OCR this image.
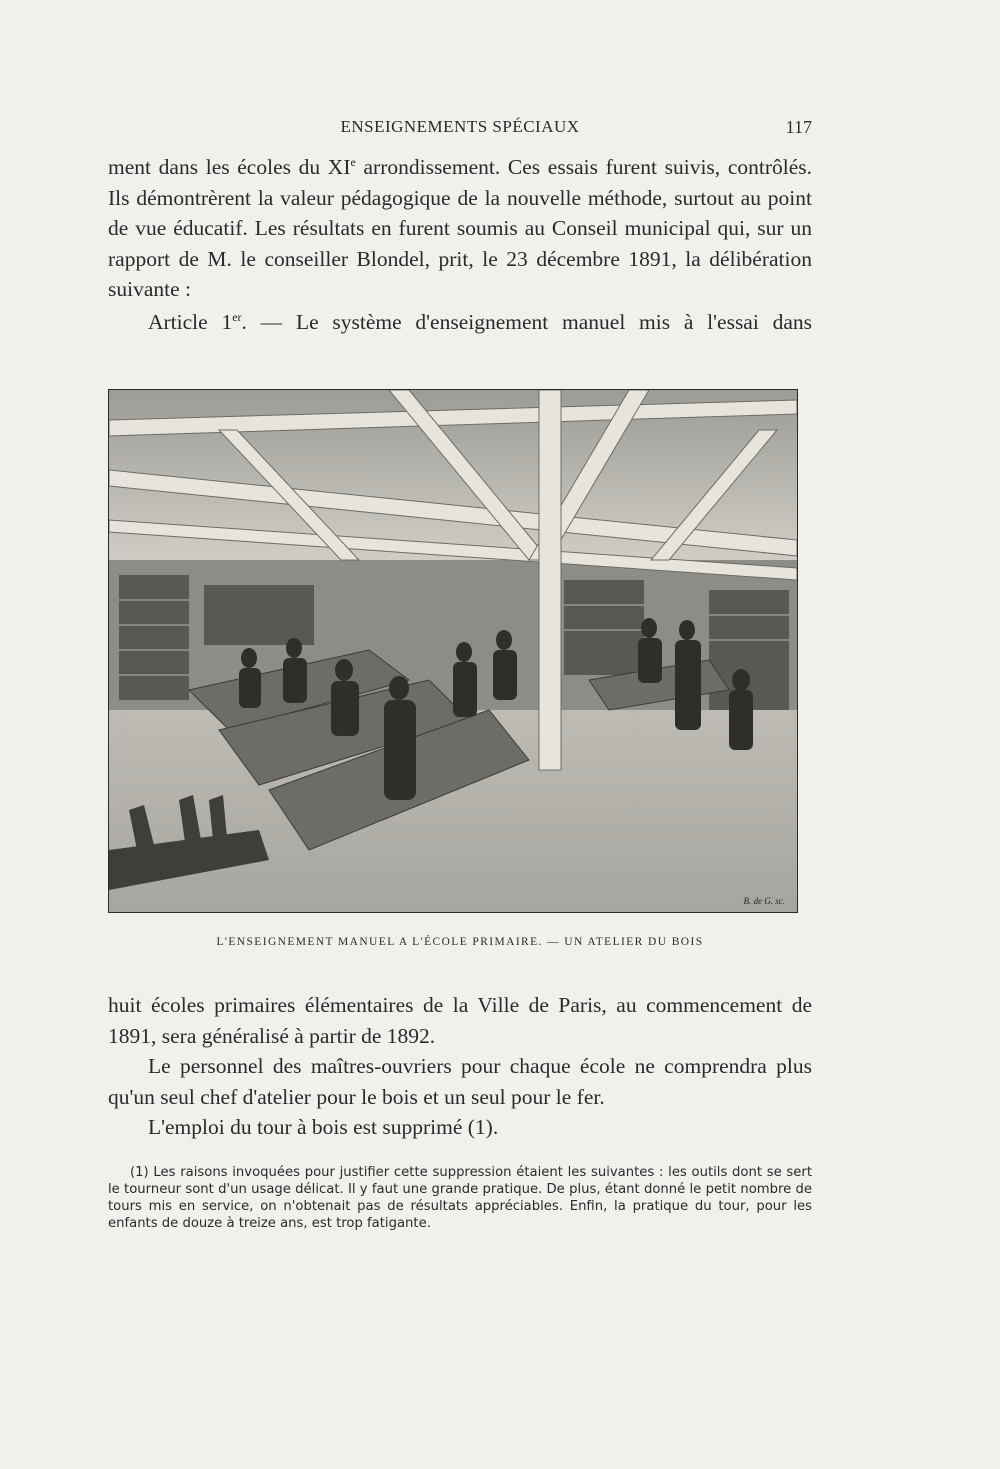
ENSEIGNEMENTS SPÉCIAUX	117

ment dans les écoles du XIe arrondissement. Ces essais furent suivis, contrôlés. Ils démontrèrent la valeur pédagogique de la nouvelle méthode, surtout au point de vue éducatif. Les résultats en furent soumis au Conseil municipal qui, sur un rapport de M. le conseiller Blondel, prit, le 23 décembre 1891, la délibération suivante :

Article 1er. — Le système d'enseignement manuel mis à l'essai dans

B. de G. sc.
L'ENSEIGNEMENT MANUEL A L'ÉCOLE PRIMAIRE. — UN ATELIER DU BOIS

huit écoles primaires élémentaires de la Ville de Paris, au commencement de 1891, sera généralisé à partir de 1892.

Le personnel des maîtres-ouvriers pour chaque école ne comprendra plus qu'un seul chef d'atelier pour le bois et un seul pour le fer.

L'emploi du tour à bois est supprimé (1).

(1) Les raisons invoquées pour justifier cette suppression étaient les suivantes : les outils dont se sert le tourneur sont d'un usage délicat. Il y faut une grande pratique. De plus, étant donné le petit nombre de tours mis en service, on n'obtenait pas de résultats appréciables. Enfin, la pratique du tour, pour les enfants de douze à treize ans, est trop fatigante.
